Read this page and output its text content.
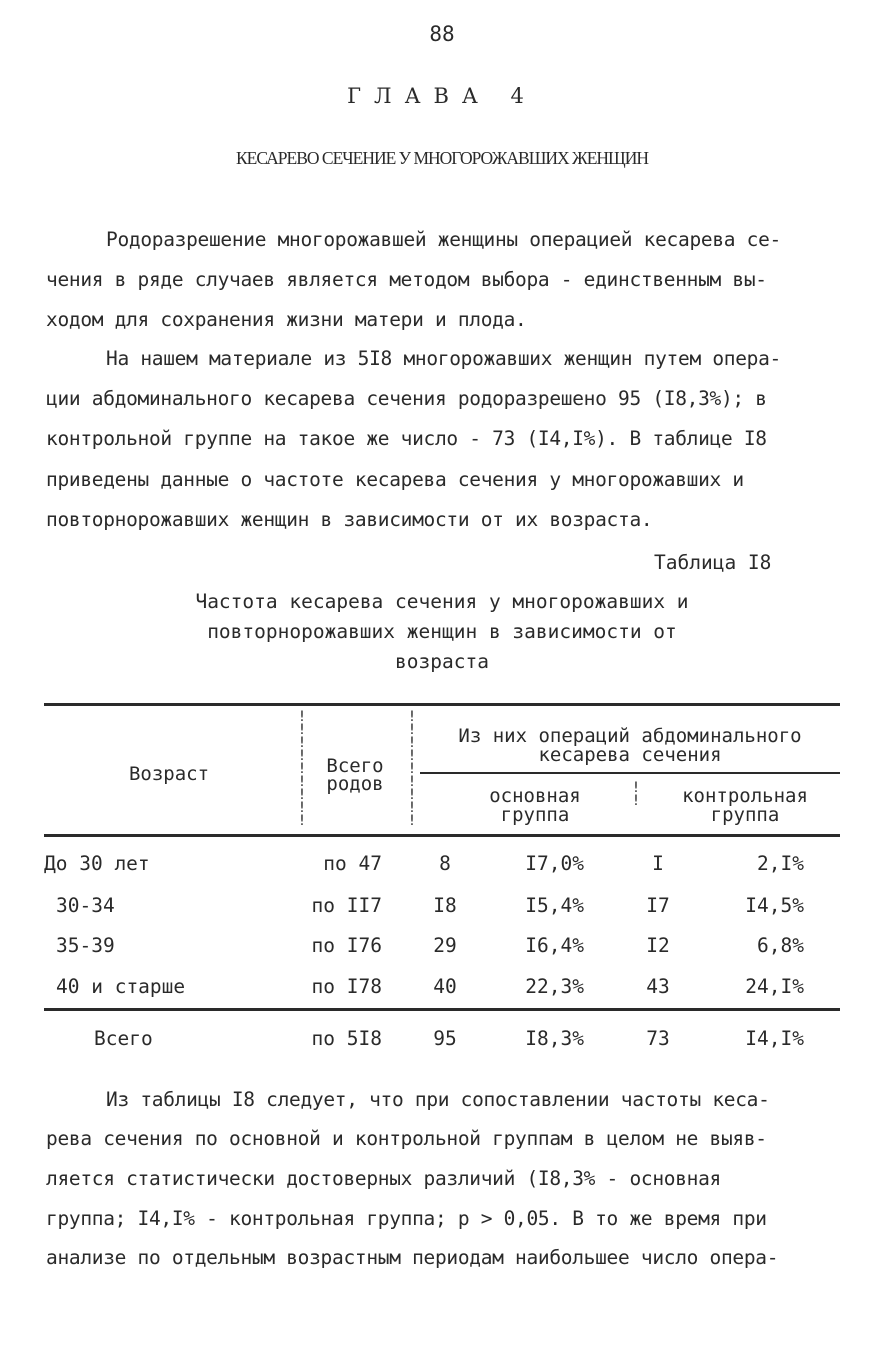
88
ГЛАВА 4
КЕСАРЕВО СЕЧЕНИЕ У МНОГОРОЖАВШИХ ЖЕНЩИН
Родоразрешение многорожавшей женщины операцией кесарева се-
чения в ряде случаев является методом выбора - единственным вы-
ходом для сохранения жизни матери и плода.
На нашем материале из 5I8 многорожавших женщин путем опера-
ции абдоминального кесарева сечения родоразрешено 95 (I8,3%); в
контрольной группе на такое же число - 73 (I4,I%). В таблице I8
приведены данные о частоте кесарева сечения у многорожавших и
повторнорожавших женщин в зависимости от их возраста.
Таблица I8
Частота кесарева сечения у многорожавших и
повторнорожавших женщин в зависимости от
возраста
!
!
!
!
!
!
!
!
!
!
!
!
!
!
!
!
!
!
!
!
Возраст	Всего
родов
Из них операций абдоминального
кесарева сечения
основная
группа
контрольная
группа
До 30 лет	по 47	8	I7,0%	I	2,I%
30-34	по II7	I8	I5,4%	I7	I4,5%
35-39	по I76	29	I6,4%	I2	6,8%
40 и старше	по I78	40	22,3%	43	24,I%
Всего	по 5I8	95	I8,3%	73	I4,I%
Из таблицы I8 следует, что при сопоставлении частоты кеса-
рева сечения по основной и контрольной группам в целом не выяв-
ляется статистически достоверных различий (I8,3% - основная
группа; I4,I% - контрольная группа; p > 0,05. В то же время при
анализе по отдельным возрастным периодам наибольшее число опера-
